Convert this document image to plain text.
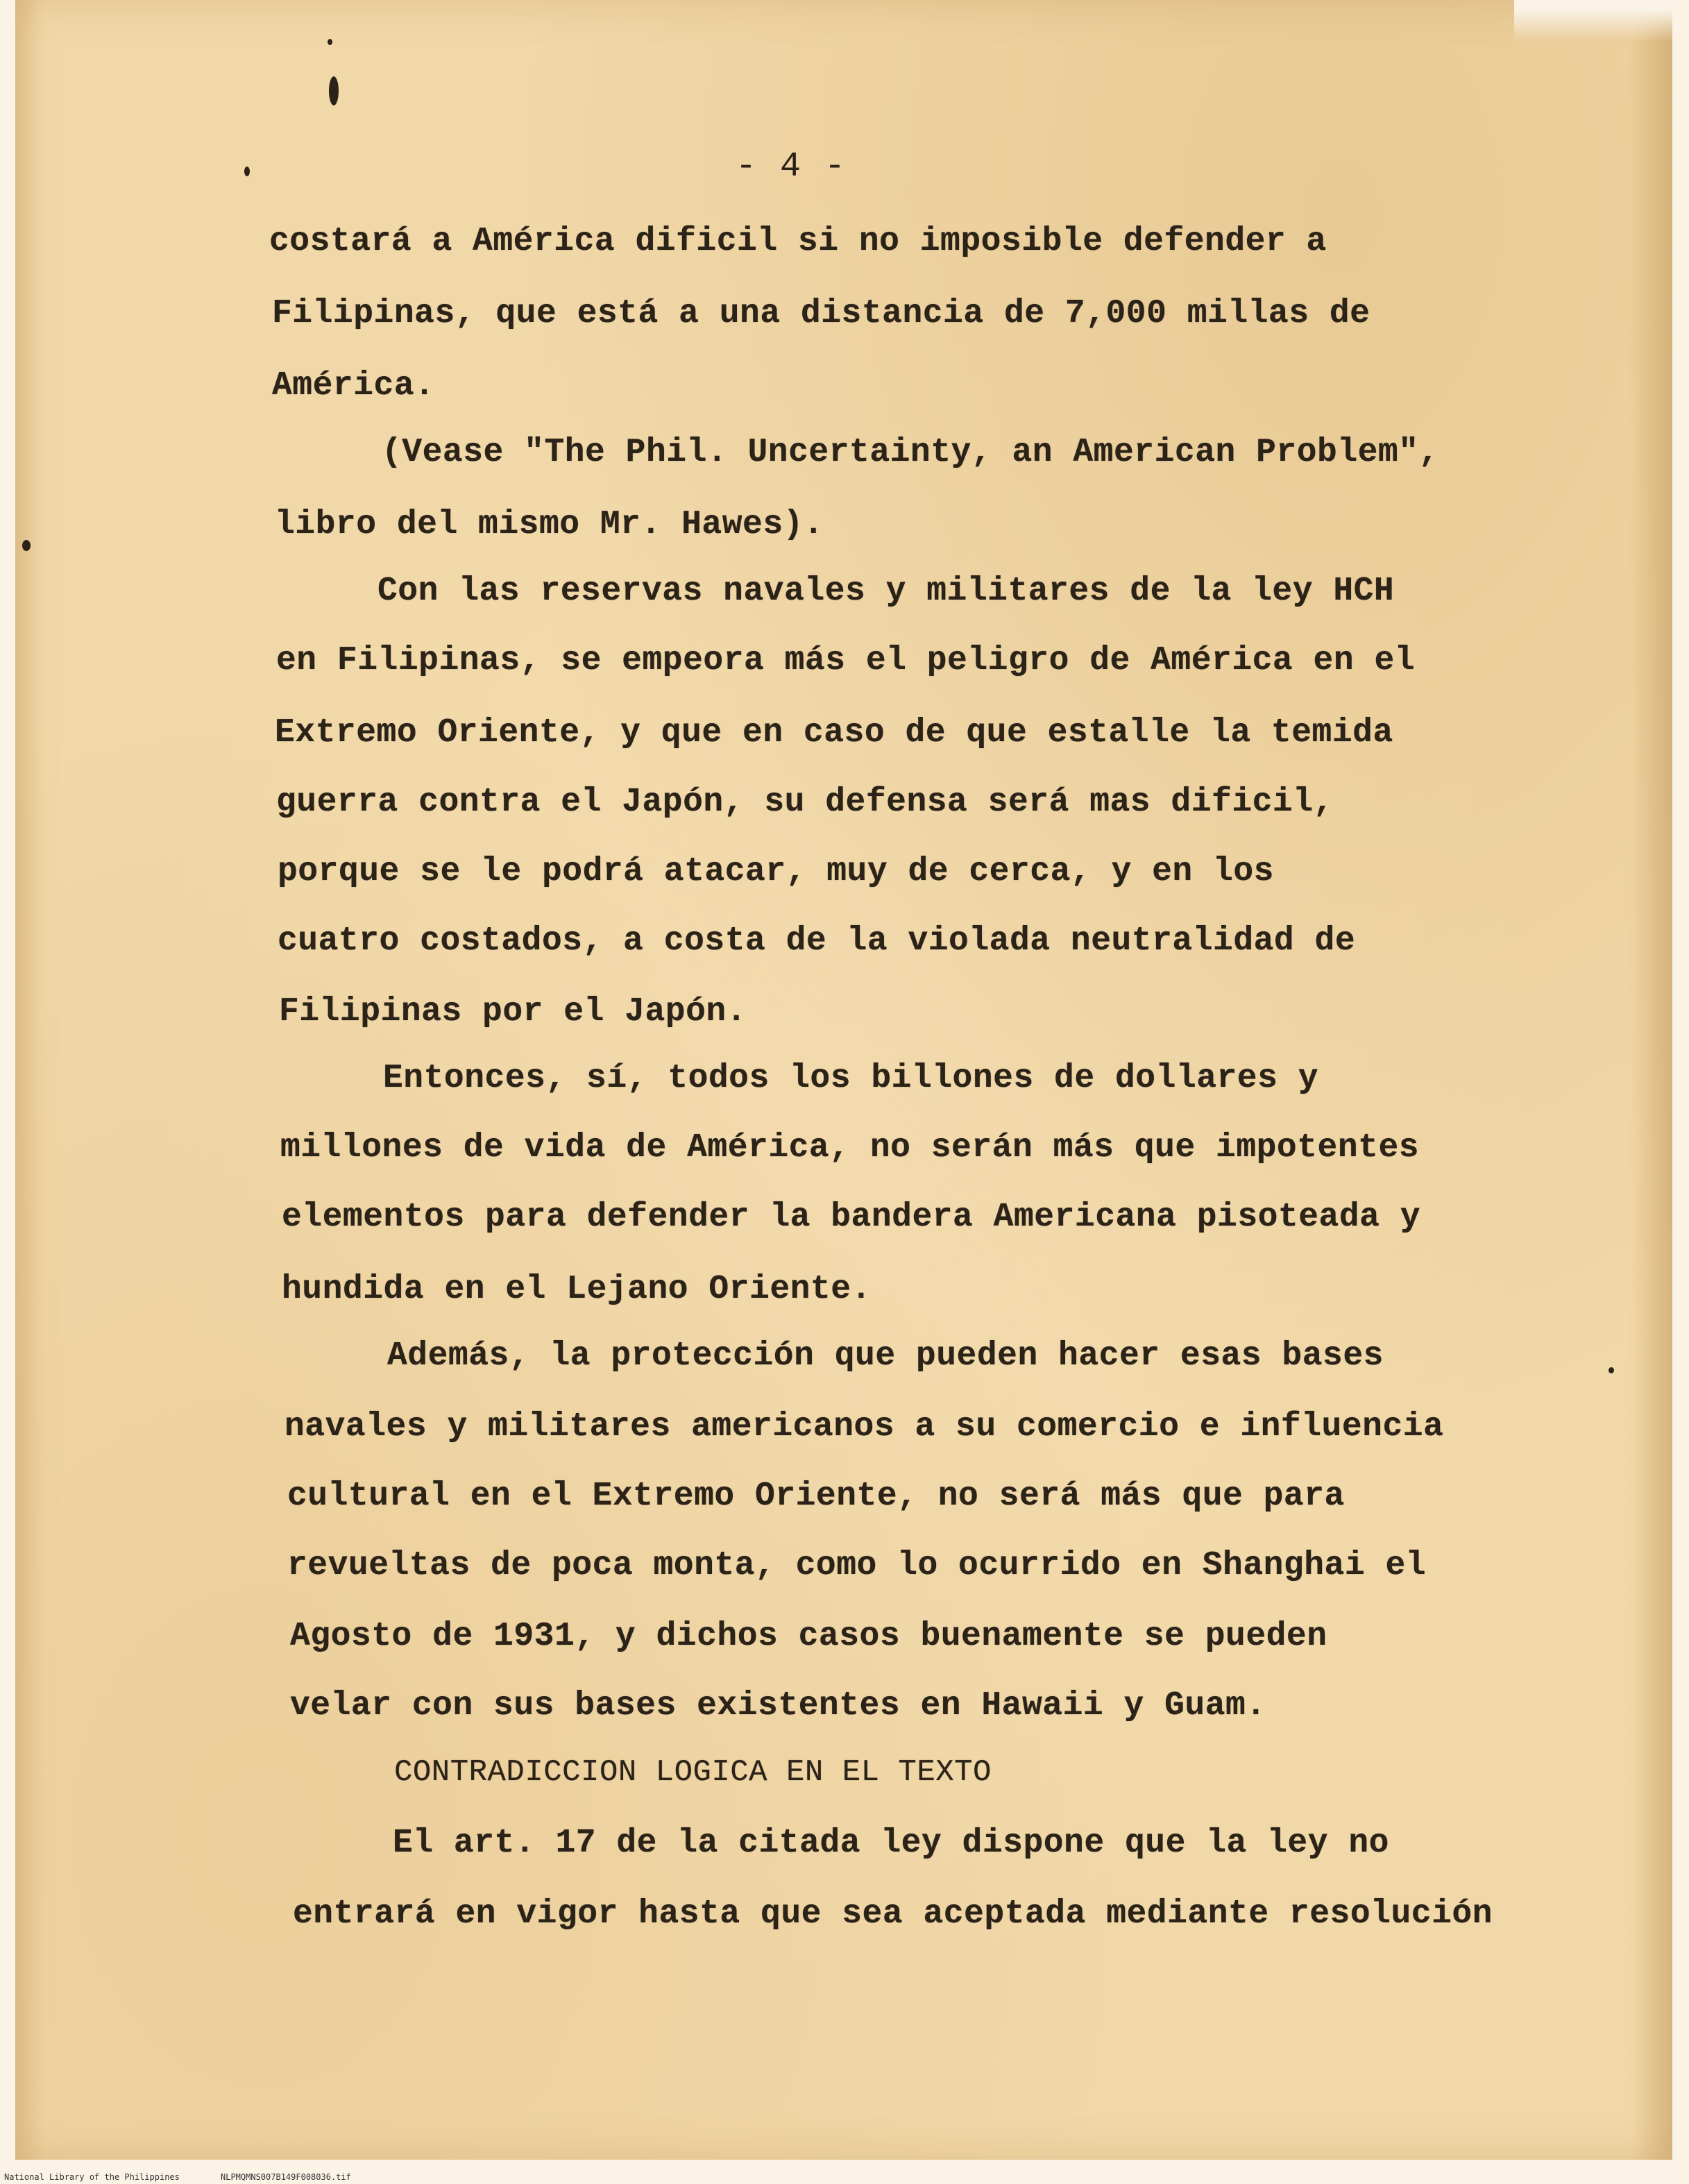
- 4 -
costará a América dificil si no imposible defender a
Filipinas, que está a una distancia de 7,000 millas de
América.
(Vease "The Phil. Uncertainty, an American Problem",
libro del mismo Mr. Hawes).
Con las reservas navales y militares de la ley HCH
en Filipinas, se empeora más el peligro de América en el
Extremo Oriente, y que en caso de que estalle la temida
guerra contra el Japón, su defensa será mas dificil,
porque se le podrá atacar, muy de cerca, y en los
cuatro costados, a costa de la violada neutralidad de
Filipinas por el Japón.
Entonces, sí, todos los billones de dollares y
millones de vida de América, no serán más que impotentes
elementos para defender la bandera Americana pisoteada y
hundida en el Lejano Oriente.
Además, la protección que pueden hacer esas bases
navales y militares americanos a su comercio e influencia
cultural en el Extremo Oriente, no será más que para
revueltas de poca monta, como lo ocurrido en Shanghai el
Agosto de 1931, y dichos casos buenamente se pueden
velar con sus bases existentes en Hawaii y Guam.
CONTRADICCION LOGICA EN EL TEXTO
El art. 17 de la citada ley dispone que la ley no
entrará en vigor hasta que sea aceptada mediante resolución
National Library of the Philippines	NLPMQMNS007B149F008036.tif
